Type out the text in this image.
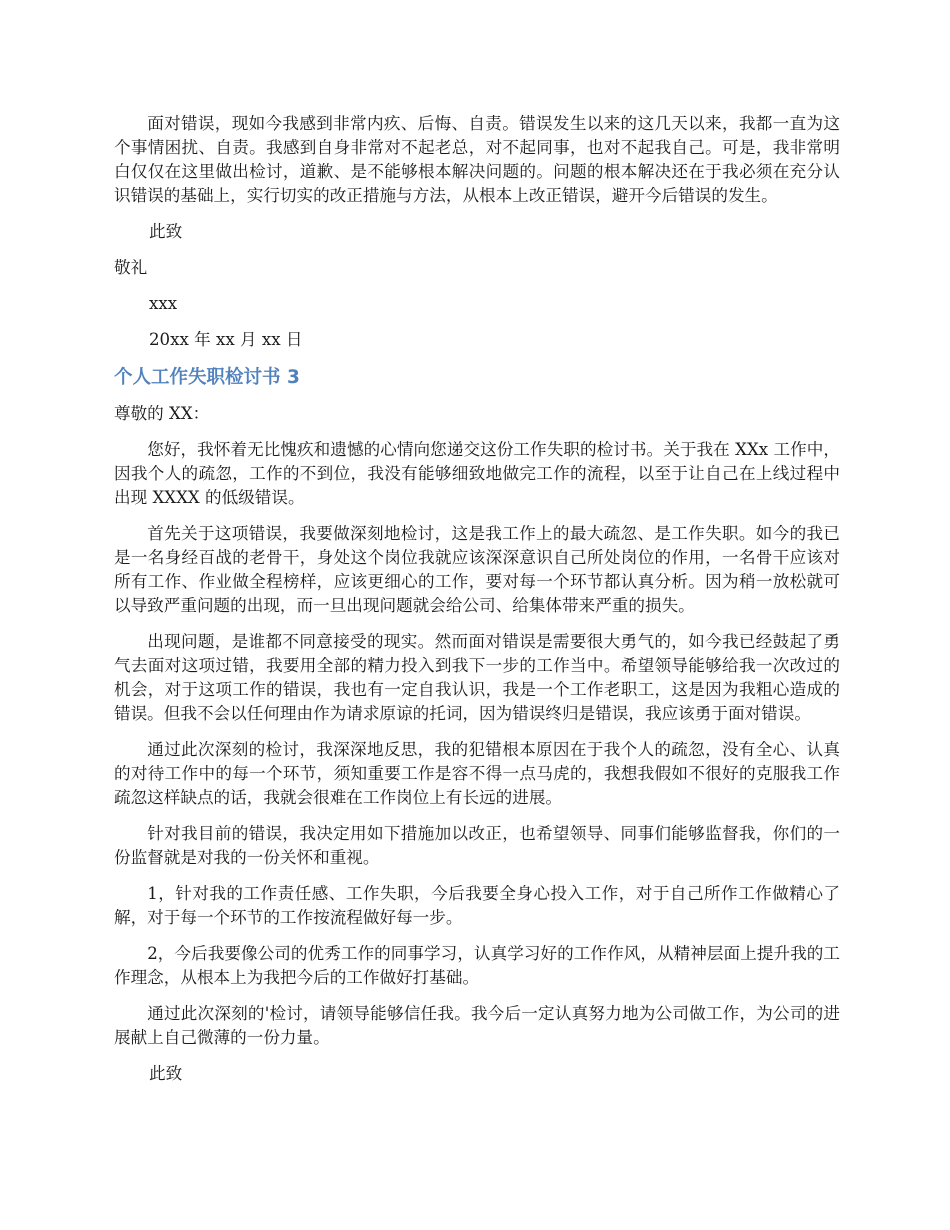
面对错误，现如今我感到非常内疚、后悔、自责。错误发生以来的这几天以来，我都一直为这个事情困扰、自责。我感到自身非常对不起老总，对不起同事，也对不起我自己。可是，我非常明白仅仅在这里做出检讨，道歉、是不能够根本解决问题的。问题的根本解决还在于我必须在充分认识错误的基础上，实行切实的改正措施与方法，从根本上改正错误，避开今后错误的发生。

此致
敬礼
xxx
20xx 年 xx 月 xx 日
个人工作失职检讨书 3
尊敬的 XX：

您好，我怀着无比愧疚和遗憾的心情向您递交这份工作失职的检讨书。关于我在 XXx 工作中，因我个人的疏忽，工作的不到位，我没有能够细致地做完工作的流程，以至于让自己在上线过程中出现 XXXX 的低级错误。

首先关于这项错误，我要做深刻地检讨，这是我工作上的最大疏忽、是工作失职。如今的我已是一名身经百战的老骨干，身处这个岗位我就应该深深意识自己所处岗位的作用，一名骨干应该对所有工作、作业做全程榜样，应该更细心的工作，要对每一个环节都认真分析。因为稍一放松就可以导致严重问题的出现，而一旦出现问题就会给公司、给集体带来严重的损失。

出现问题，是谁都不同意接受的现实。然而面对错误是需要很大勇气的，如今我已经鼓起了勇气去面对这项过错，我要用全部的精力投入到我下一步的工作当中。希望领导能够给我一次改过的机会，对于这项工作的错误，我也有一定自我认识，我是一个工作老职工，这是因为我粗心造成的错误。但我不会以任何理由作为请求原谅的托词，因为错误终归是错误，我应该勇于面对错误。

通过此次深刻的检讨，我深深地反思，我的犯错根本原因在于我个人的疏忽，没有全心、认真的对待工作中的每一个环节，须知重要工作是容不得一点马虎的，我想我假如不很好的克服我工作疏忽这样缺点的话，我就会很难在工作岗位上有长远的进展。

针对我目前的错误，我决定用如下措施加以改正，也希望领导、同事们能够监督我，你们的一份监督就是对我的一份关怀和重视。

1，针对我的工作责任感、工作失职，今后我要全身心投入工作，对于自己所作工作做精心了解，对于每一个环节的工作按流程做好每一步。

2，今后我要像公司的优秀工作的同事学习，认真学习好的工作作风，从精神层面上提升我的工作理念，从根本上为我把今后的工作做好打基础。

通过此次深刻的'检讨，请领导能够信任我。我今后一定认真努力地为公司做工作，为公司的进展献上自己微薄的一份力量。

此致
